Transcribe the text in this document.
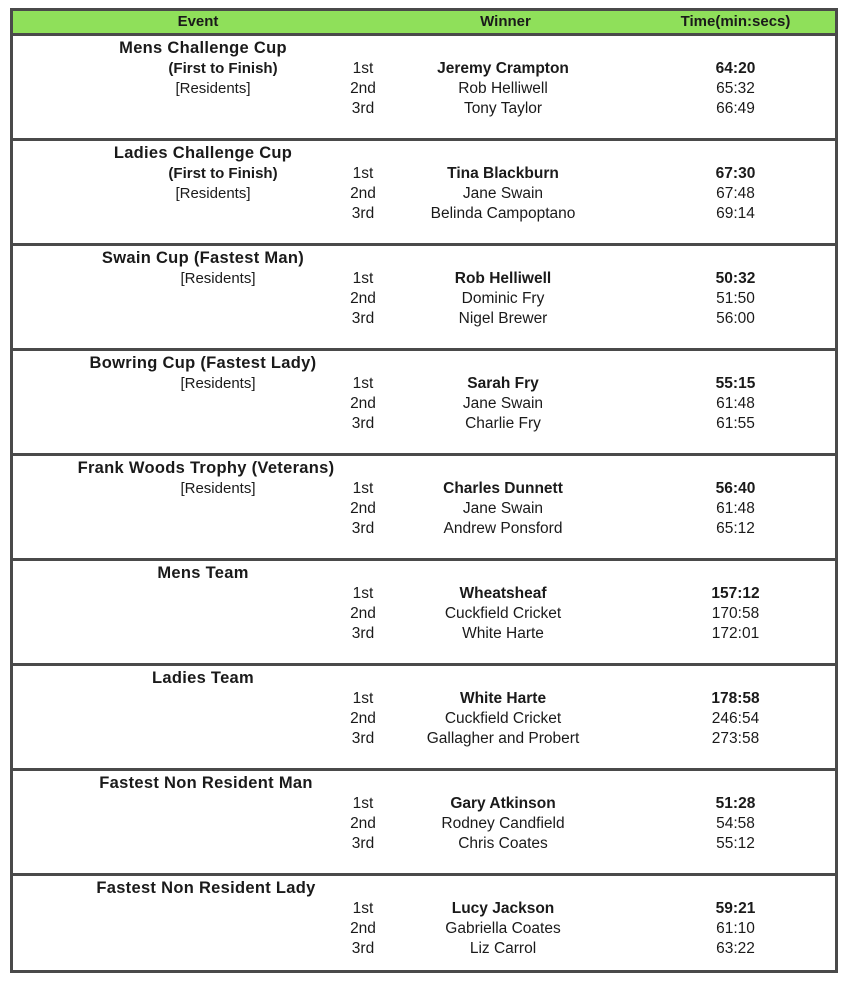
Event	Winner	Time(min:secs)
Mens Challenge Cup
(First to Finish)
[Residents]
1st	Jeremy Crampton	64:20
2nd	Rob Helliwell	65:32
3rd	Tony Taylor	66:49
Ladies Challenge Cup
(First to Finish)
[Residents]
1st	Tina Blackburn	67:30
2nd	Jane Swain	67:48
3rd	Belinda Campoptano	69:14
Swain Cup (Fastest Man)
[Residents]	1st	Rob Helliwell	50:32
2nd	Dominic Fry	51:50
3rd	Nigel Brewer	56:00
Bowring Cup (Fastest Lady)
[Residents]	1st	Sarah Fry	55:15
2nd	Jane Swain	61:48
3rd	Charlie Fry	61:55
Frank Woods Trophy (Veterans)
[Residents]	1st	Charles Dunnett	56:40
2nd	Jane Swain	61:48
3rd	Andrew Ponsford	65:12
Mens Team
1st	Wheatsheaf	157:12
2nd	Cuckfield Cricket	170:58
3rd	White Harte	172:01
Ladies Team
1st	White Harte	178:58
2nd	Cuckfield Cricket	246:54
3rd	Gallagher and Probert	273:58
Fastest Non Resident Man
1st	Gary Atkinson	51:28
2nd	Rodney Candfield	54:58
3rd	Chris Coates	55:12
Fastest Non Resident Lady
1st	Lucy Jackson	59:21
2nd	Gabriella Coates	61:10
3rd	Liz Carrol	63:22
